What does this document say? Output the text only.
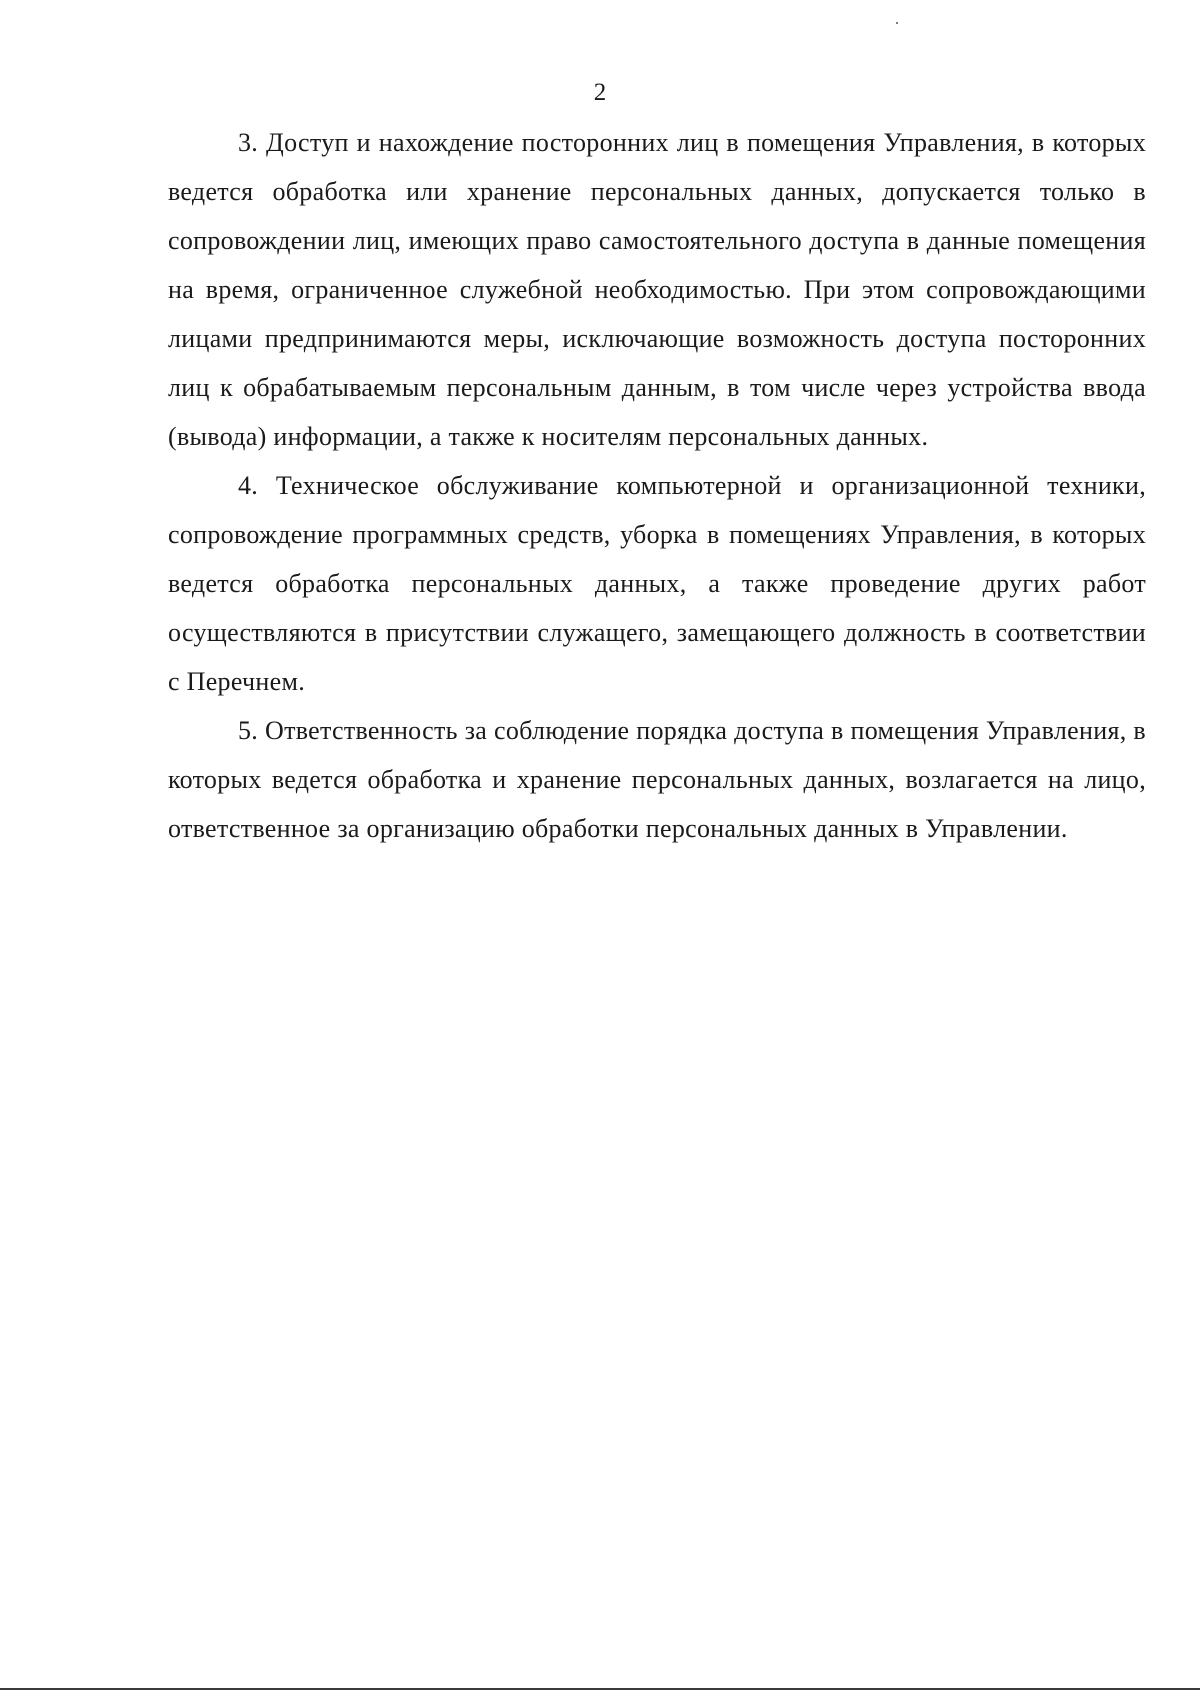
2

3. Доступ и нахождение посторонних лиц в помещения Управления, в которых ведется обработка или хранение персональных данных, допускается только в сопровождении лиц, имеющих право самостоятельного доступа в данные помещения на время, ограниченное служебной необходимостью. При этом сопровождающими лицами предпринимаются меры, исключающие возможность доступа посторонних лиц к обрабатываемым персональным данным, в том числе через устройства ввода (вывода) информации, а также к носителям персональных данных.

4. Техническое обслуживание компьютерной и организационной техники, сопровождение программных средств, уборка в помещениях Управления, в которых ведется обработка персональных данных, а также проведение других работ осуществляются в присутствии служащего, замещающего должность в соответствии с Перечнем.

5. Ответственность за соблюдение порядка доступа в помещения Управления, в которых ведется обработка и хранение персональных данных, возлагается на лицо, ответственное за организацию обработки персональных данных в Управлении.
